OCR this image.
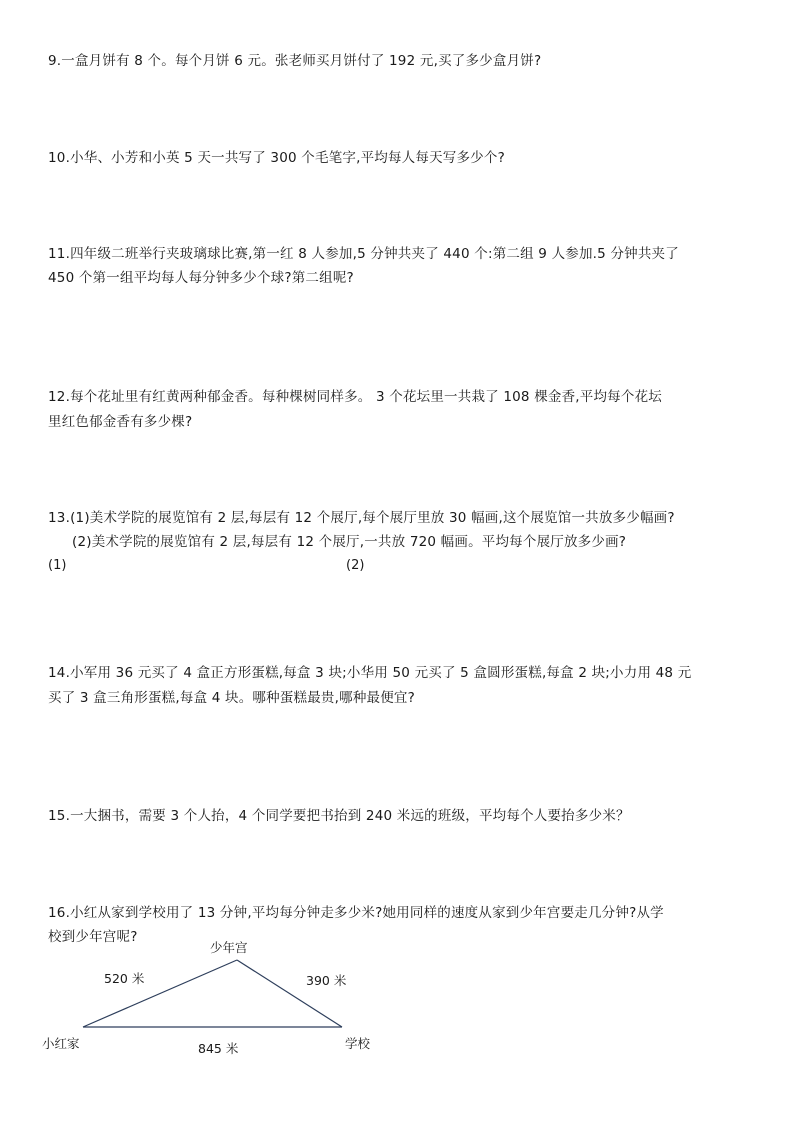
9.一盒月饼有 8 个。每个月饼 6 元。张老师买月饼付了 192 元,买了多少盒月饼?
10.小华、小芳和小英 5 天一共写了 300 个毛笔字,平均每人每天写多少个?
11.四年级二班举行夹玻璃球比赛,第一红 8 人参加,5 分钟共夹了 440 个:第二组 9 人参加.5 分钟共夹了
450 个第一组平均每人每分钟多少个球?第二组呢?
12.每个花址里有红黄两种郁金香。每种棵树同样多。 3 个花坛里一共栽了 108 棵金香,平均每个花坛
里红色郁金香有多少棵?
13.(1)美术学院的展览馆有 2 层,每层有 12 个展厅,每个展厅里放 30 幅画,这个展览馆一共放多少幅画?
(2)美术学院的展览馆有 2 层,每层有 12 个展厅,一共放 720 幅画。平均每个展厅放多少画?
(1)	(2)
14.小军用 36 元买了 4 盒正方形蛋糕,每盒 3 块;小华用 50 元买了 5 盒圆形蛋糕,每盒 2 块;小力用 48 元
买了 3 盒三角形蛋糕,每盒 4 块。哪种蛋糕最贵,哪种最便宜?
15.一大捆书，需要 3 个人抬，4 个同学要把书抬到 240 米远的班级，平均每个人要抬多少米？
16.小红从家到学校用了 13 分钟,平均每分钟走多少米?她用同样的速度从家到少年宫要走几分钟?从学
校到少年宫呢?
少年宫
小红家	学校
520 米	390 米
845 米
